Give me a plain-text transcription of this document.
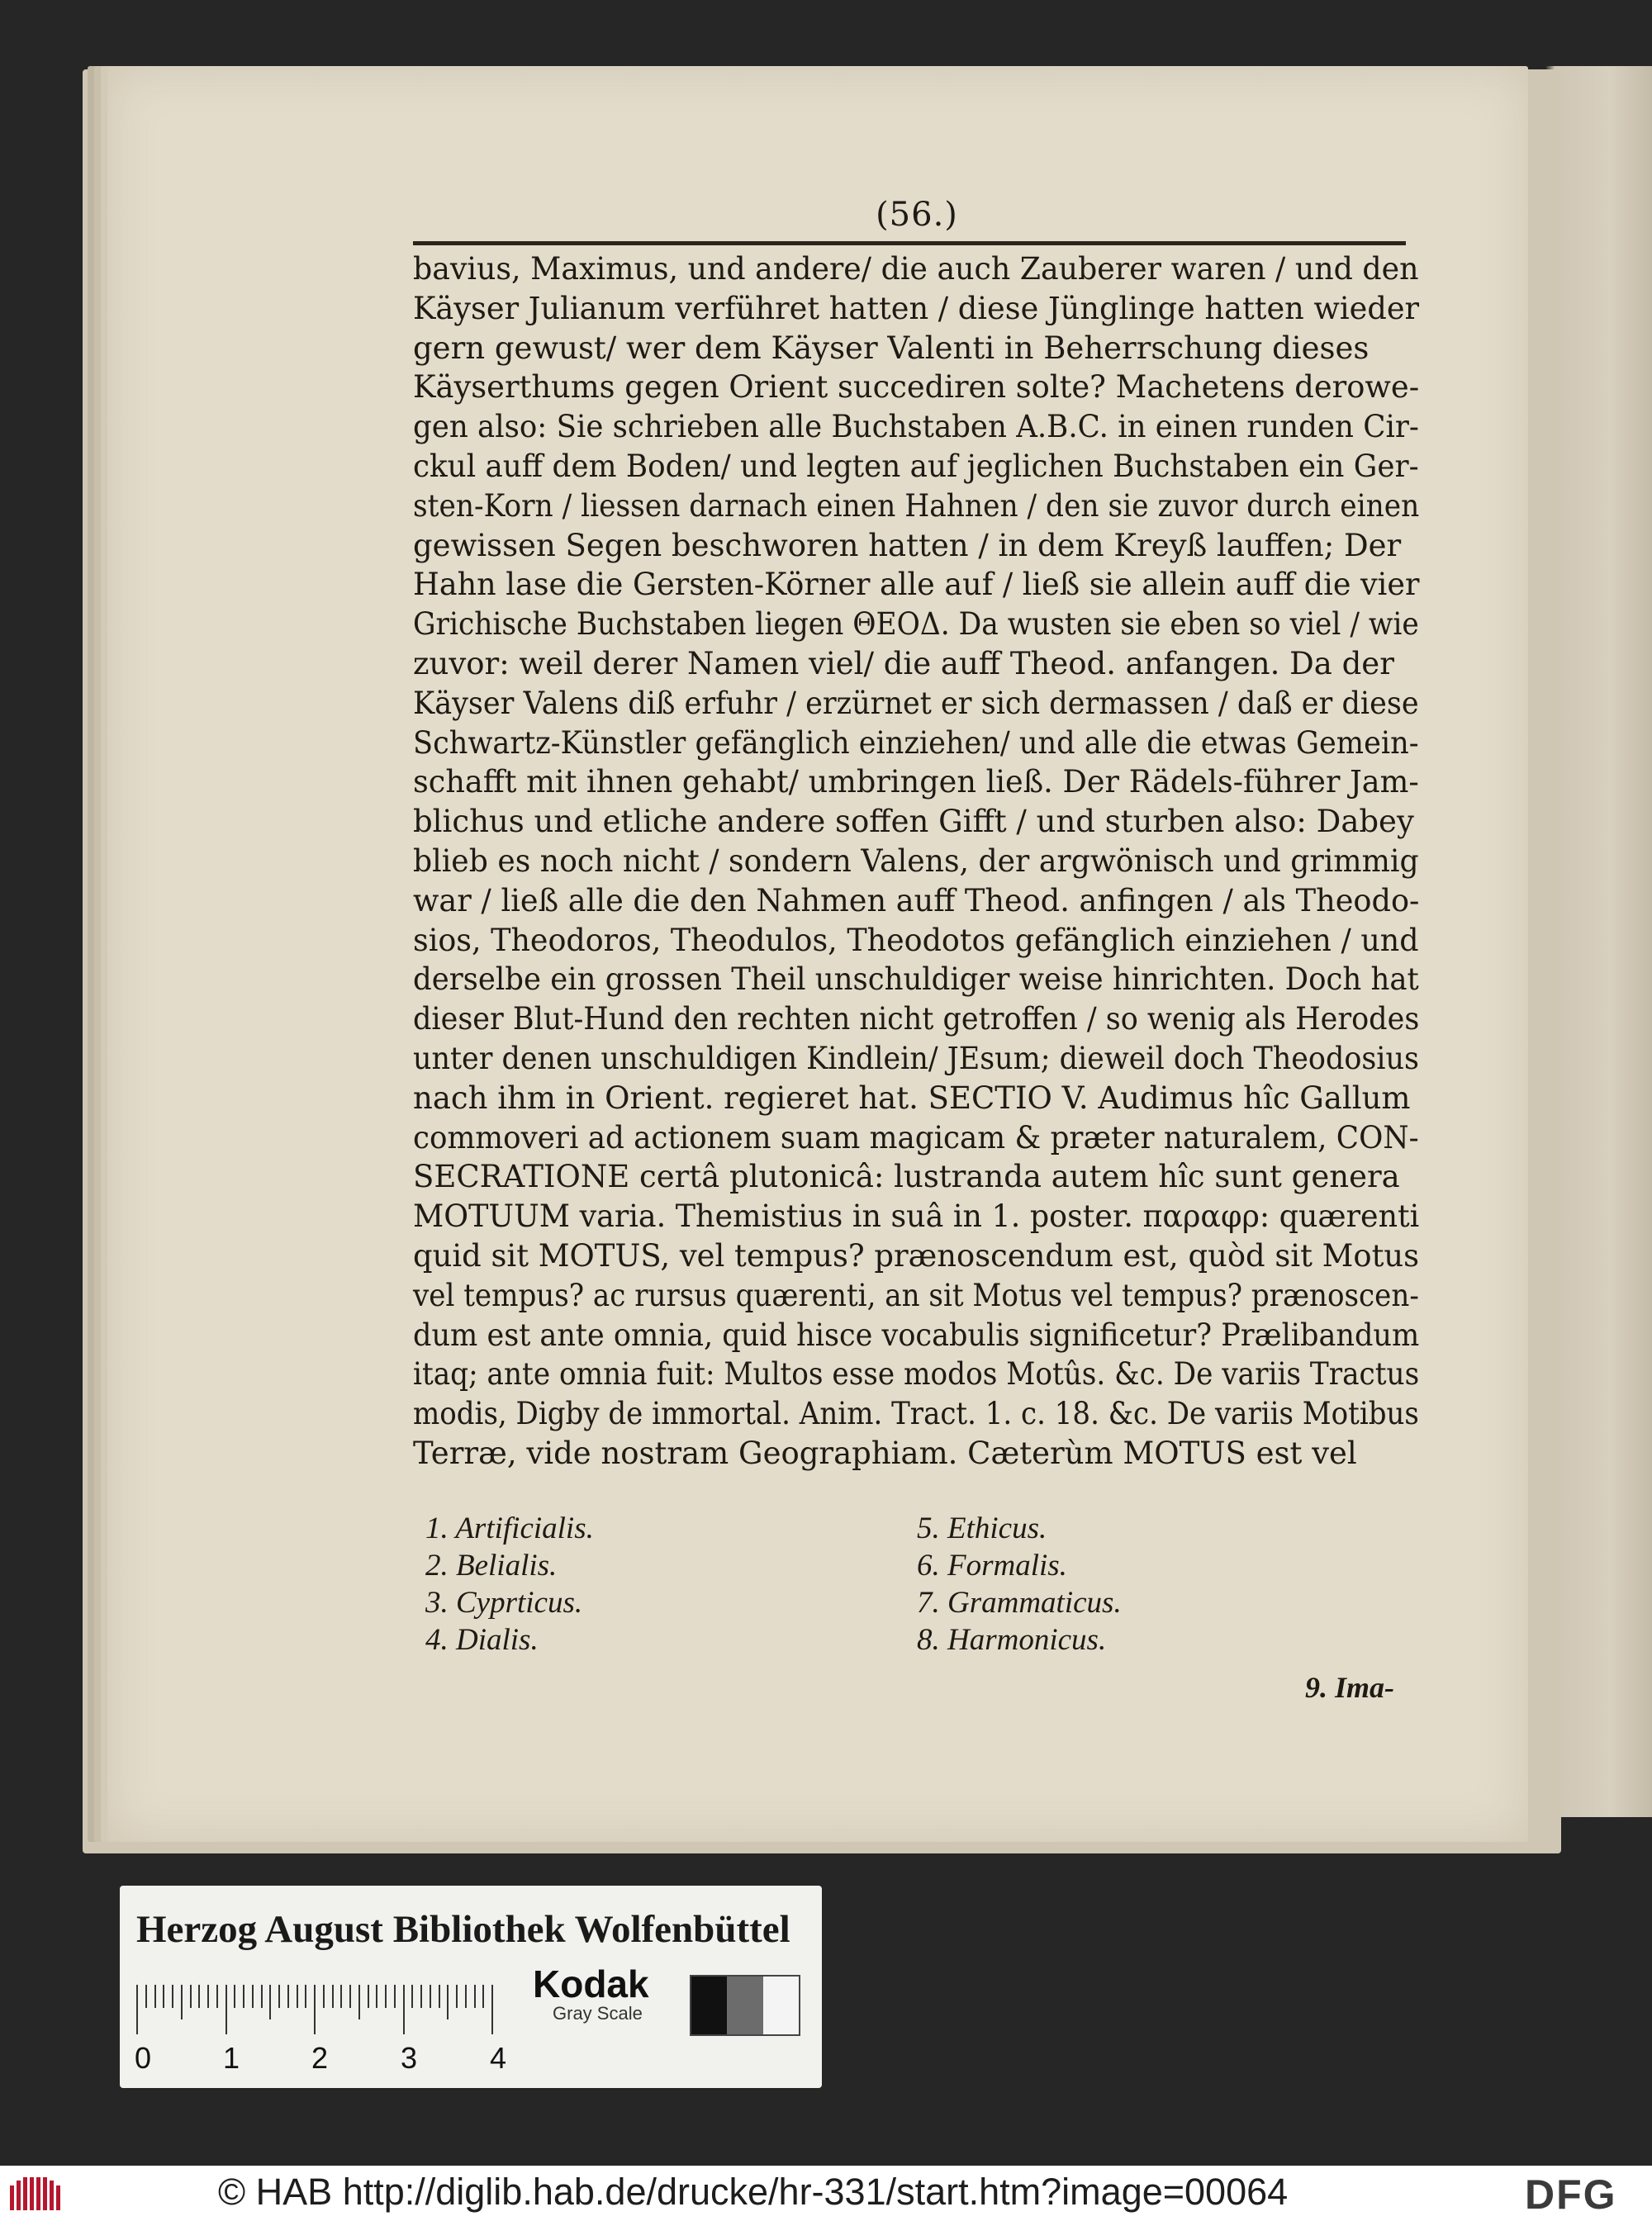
(56.)
bavius, Maximus, und andere/ die auch Zauberer waren / und den
Käyser Julianum verführet hatten / diese Jünglinge hatten wieder
gern gewust/ wer dem Käyser Valenti in Beherrschung dieses
Käyserthums gegen Orient succediren solte? Machetens derowe-
gen also: Sie schrieben alle Buchstaben A.B.C. in einen runden Cir-
ckul auff dem Boden/ und legten auf jeglichen Buchstaben ein Ger-
sten-Korn / liessen darnach einen Hahnen / den sie zuvor durch einen
gewissen Segen beschworen hatten / in dem Kreyß lauffen; Der
Hahn lase die Gersten-Körner alle auf / ließ sie allein auff die vier
Grichische Buchstaben liegen ΘΕΟΔ. Da wusten sie eben so viel / wie
zuvor: weil derer Namen viel/ die auff Theod. anfangen. Da der
Käyser Valens diß erfuhr / erzürnet er sich dermassen / daß er diese
Schwartz-Künstler gefänglich einziehen/ und alle die etwas Gemein-
schafft mit ihnen gehabt/ umbringen ließ. Der Rädels-führer Jam-
blichus und etliche andere soffen Gifft / und sturben also: Dabey
blieb es noch nicht / sondern Valens, der argwönisch und grimmig
war / ließ alle die den Nahmen auff Theod. anfingen / als Theodo-
sios, Theodoros, Theodulos, Theodotos gefänglich einziehen / und
derselbe ein grossen Theil unschuldiger weise hinrichten. Doch hat
dieser Blut-Hund den rechten nicht getroffen / so wenig als Herodes
unter denen unschuldigen Kindlein/ JEsum; dieweil doch Theodosius
nach ihm in Orient. regieret hat. SECTIO V. Audimus hîc Gallum
commoveri ad actionem suam magicam & præter naturalem, CON-
SECRATIONE certâ plutonicâ: lustranda autem hîc sunt genera
MOTUUM varia. Themistius in suâ in 1. poster. παραφρ: quærenti
quid sit MOTUS, vel tempus? prænoscendum est, quòd sit Motus
vel tempus? ac rursus quærenti, an sit Motus vel tempus? prænoscen-
dum est ante omnia, quid hisce vocabulis significetur? Prælibandum
itaq; ante omnia fuit: Multos esse modos Motûs. &c. De variis Tractus
modis, Digby de immortal. Anim. Tract. 1. c. 18. &c. De variis Motibus
Terræ, vide nostram Geographiam. Cæterùm MOTUS est vel
1. Artificialis.
2. Belialis.
3. Cyprticus.
4. Dialis.
5. Ethicus.
6. Formalis.
7. Grammaticus.
8. Harmonicus.
9. Ima-
Herzog August Bibliothek Wolfenbüttel
0 1 2 3 4
Kodak
Gray Scale
© HAB http://diglib.hab.de/drucke/hr-331/start.htm?image=00064	DFG
